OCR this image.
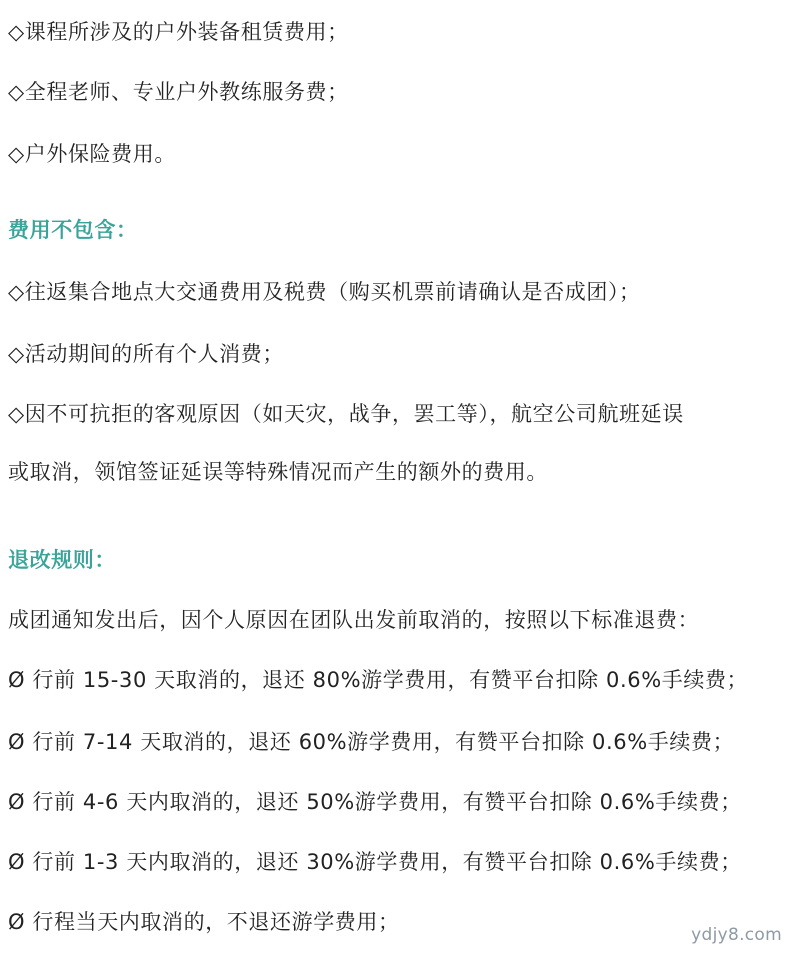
◇课程所涉及的户外装备租赁费用；
◇全程老师、专业户外教练服务费；
◇户外保险费用。
费用不包含：
◇往返集合地点大交通费用及税费（购买机票前请确认是否成团）；
◇活动期间的所有个人消费；
◇因不可抗拒的客观原因（如天灾，战争，罢工等），航空公司航班延误
或取消，领馆签证延误等特殊情况而产生的额外的费用。
退改规则：
成团通知发出后，因个人原因在团队出发前取消的，按照以下标准退费：
Ø 行前 15-30 天取消的，退还 80%游学费用，有赞平台扣除 0.6%手续费；
Ø 行前 7-14 天取消的，退还 60%游学费用，有赞平台扣除 0.6%手续费；
Ø 行前 4-6 天内取消的，退还 50%游学费用，有赞平台扣除 0.6%手续费；
Ø 行前 1-3 天内取消的，退还 30%游学费用，有赞平台扣除 0.6%手续费；
Ø 行程当天内取消的，不退还游学费用；
ydjy8.com
